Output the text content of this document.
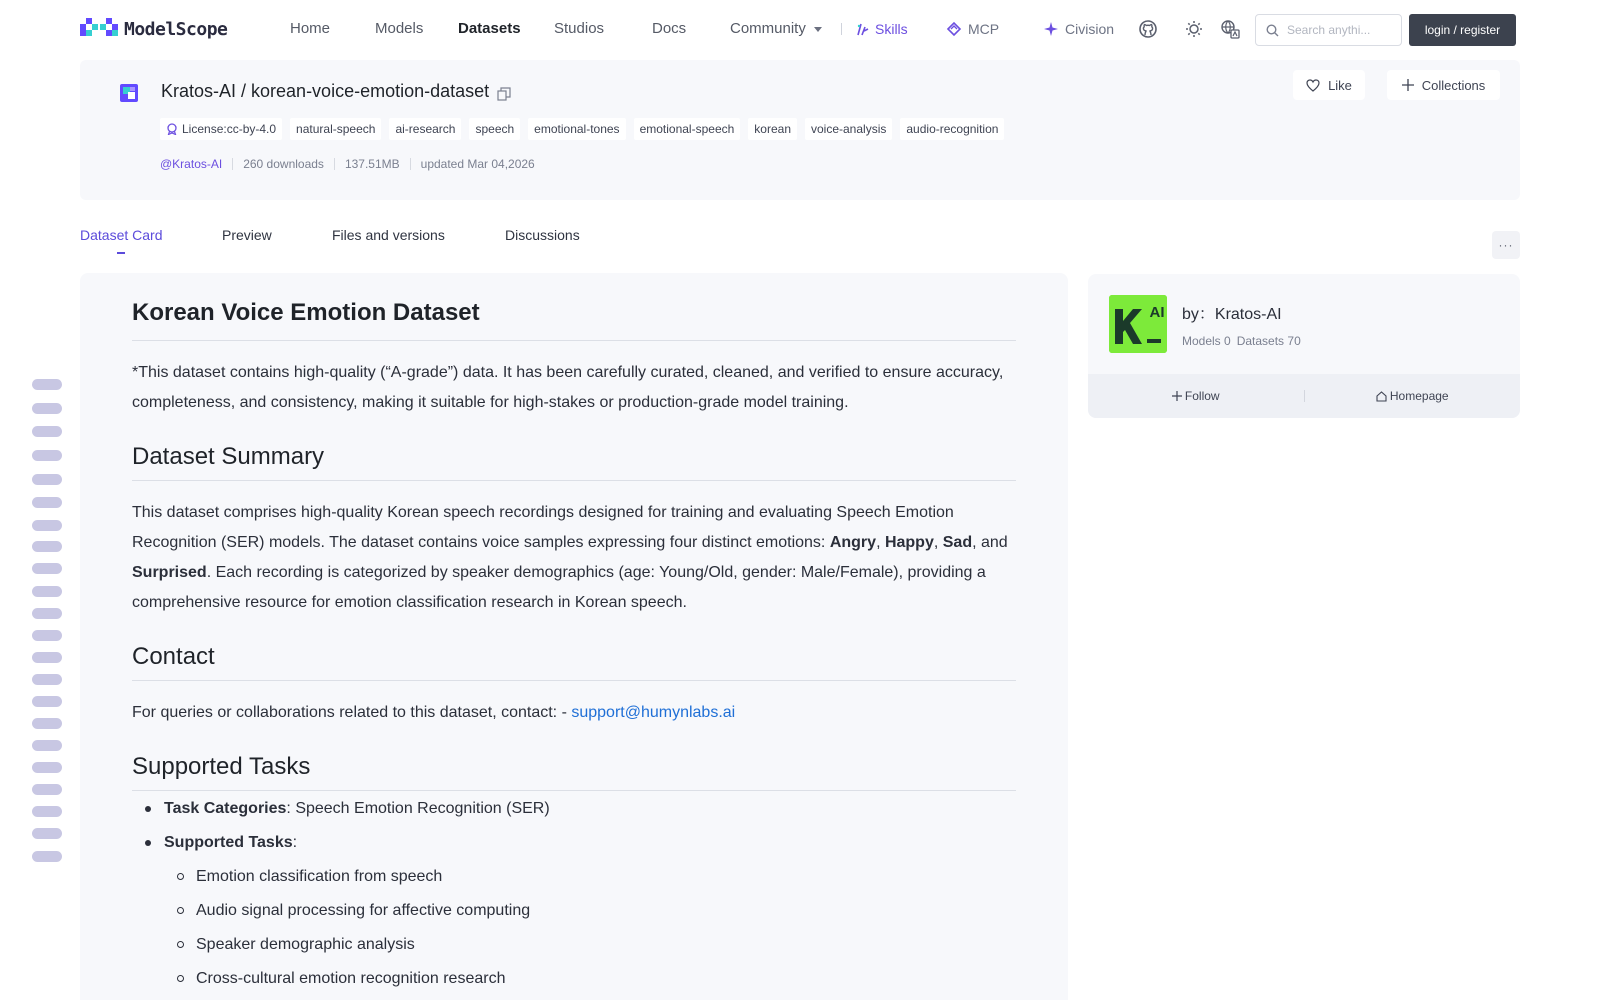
ModelScope	Home	Models Datasets Studios	Docs	Community	Skills	MCP	Civision
Search anythi...	login / register
Kratos-AI / korean-voice-emotion-dataset
License:cc-by-4.0	natural-speech	ai-research	speech	emotional-tones	emotional-speech	korean	voice-analysis	audio-recognition
@Kratos-AI 260 downloads 137.51MB updated Mar 04,2026
Like	Collections
Dataset Card	Preview	Files and versions	Discussions
···
Korean Voice Emotion Dataset

*This dataset contains high-quality (“A-grade”) data. It has been carefully curated, cleaned, and verified to ensure accuracy, completeness, and consistency, making it suitable for high-stakes or production-grade model training.

Dataset Summary

This dataset comprises high-quality Korean speech recordings designed for training and evaluating Speech Emotion Recognition (SER) models. The dataset contains voice samples expressing four distinct emotions: Angry, Happy, Sad, and Surprised. Each recording is categorized by speaker demographics (age: Young/Old, gender: Male/Female), providing a comprehensive resource for emotion classification research in Korean speech.

Contact

For queries or collaborations related to this dataset, contact: - support@humynlabs.ai

Supported Tasks
Task Categories: Speech Emotion Recognition (SER)
Supported Tasks:
Emotion classification from speech
Audio signal processing for affective computing
Speaker demographic analysis
Cross-cultural emotion recognition research
AI by：Kratos-AI
Models 0 Datasets 70
Follow	Homepage
